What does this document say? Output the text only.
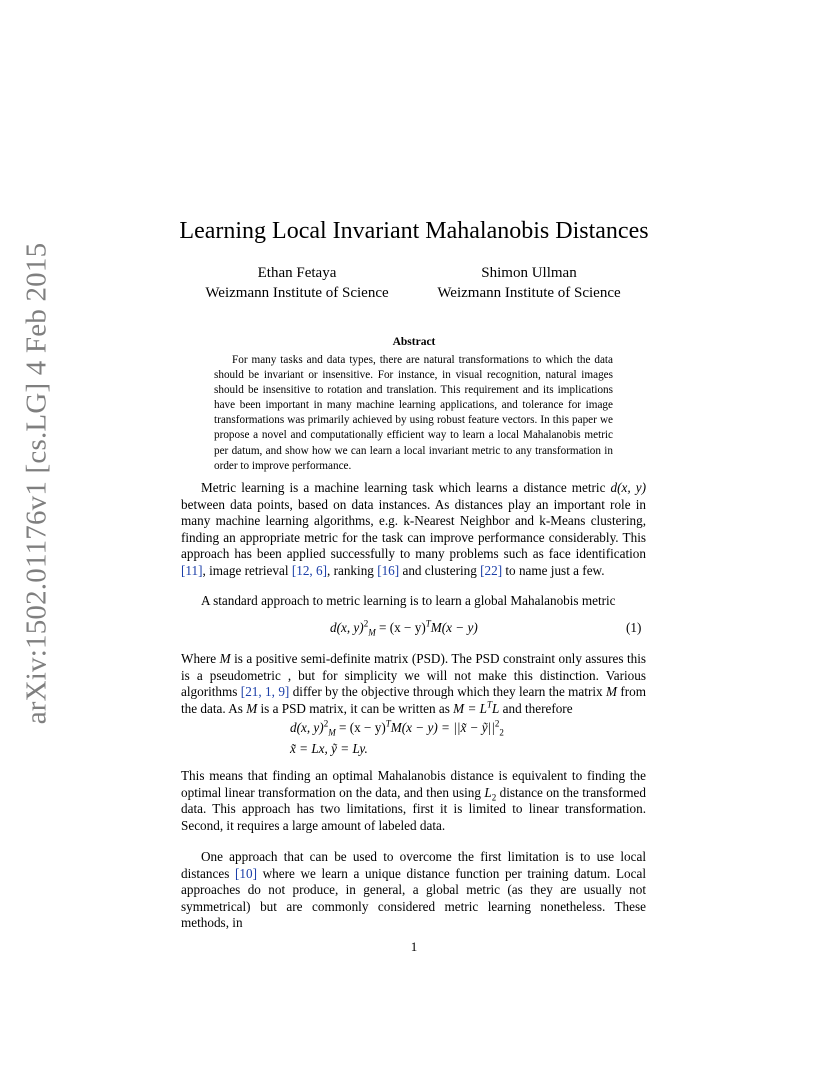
arXiv:1502.01176v1 [cs.LG] 4 Feb 2015
Learning Local Invariant Mahalanobis Distances
Ethan Fetaya
Weizmann Institute of Science
Shimon Ullman
Weizmann Institute of Science
Abstract
For many tasks and data types, there are natural transformations to which the data should be invariant or insensitive. For instance, in visual recognition, natural images should be insensitive to rotation and translation. This requirement and its implications have been important in many machine learning applications, and tolerance for image transformations was primarily achieved by using robust feature vectors. In this paper we propose a novel and computationally efficient way to learn a local Mahalanobis metric per datum, and show how we can learn a local invariant metric to any transformation in order to improve performance.
Metric learning is a machine learning task which learns a distance metric d(x, y) between data points, based on data instances. As distances play an important role in many machine learning algorithms, e.g. k-Nearest Neighbor and k-Means clustering, finding an appropriate metric for the task can improve performance considerably. This approach has been applied successfully to many problems such as face identification [11], image retrieval [12, 6], ranking [16] and clustering [22] to name just a few.
A standard approach to metric learning is to learn a global Mahalanobis metric
d(x, $y)^2_M = (x - y)^TM(x - y)$	(1)
Where M is a positive semi-definite matrix (PSD). The PSD constraint only assures this is a pseudometric , but for simplicity we will not make this distinction. Various algorithms [21, 1, 9] differ by the objective through which they learn the matrix M from the data. As M is a PSD matrix, it can be written as $M = L^TL$ and therefore
d(x, $y)^2_M = (x - y)^TM(x - y)$ = ||x̃ − $ỹ||^2_2$
x̃ = Lx, ỹ = Ly.
This means that finding an optimal Mahalanobis distance is equivalent to finding the optimal linear transformation on the data, and then using $L_2$ distance on the transformed data. This approach has two limitations, first it is limited to linear transformation. Second, it requires a large amount of labeled data.
One approach that can be used to overcome the first limitation is to use local distances [10] where we learn a unique distance function per training datum. Local approaches do not produce, in general, a global metric (as they are usually not symmetrical) but are commonly considered metric learning nonetheless. These methods, in
1
